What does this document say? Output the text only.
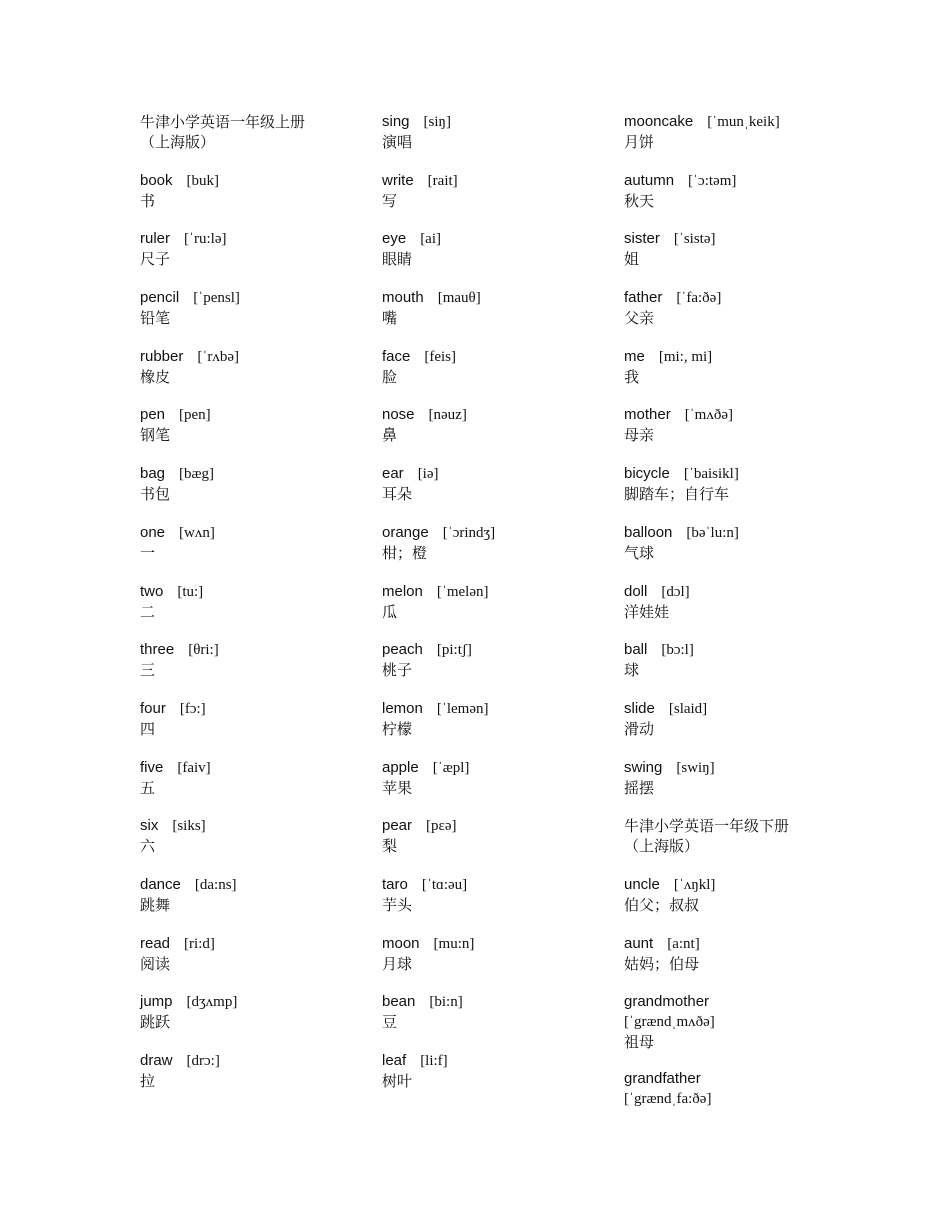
牛津小学英语一年级上册
（上海版）
book [buk]
书
ruler [ˈru:lə]
尺子
pencil [ˈpensl]
铅笔
rubber [ˈrʌbə]
橡皮
pen [pen]
钢笔
bag [bæg]
书包
one [wʌn]
一
two [tu:]
二
three [θri:]
三
four [fɔ:]
四
five [faiv]
五
six [siks]
六
dance [da:ns]
跳舞
read [ri:d]
阅读
jump [dʒʌmp]
跳跃
draw [drɔ:]
拉
sing [siŋ]
演唱
write [rait]
写
eye [ai]
眼睛
mouth [mauθ]
嘴
face [feis]
脸
nose [nəuz]
鼻
ear [iə]
耳朵
orange [ˈɔrindʒ]
柑；橙
melon [ˈmelən]
瓜
peach [pi:tʃ]
桃子
lemon [ˈlemən]
柠檬
apple [ˈæpl]
苹果
pear [pɛə]
梨
taro [ˈtɑ:əu]
芋头
moon [mu:n]
月球
bean [bi:n]
豆
leaf [li:f]
树叶
mooncake [ˈmunˌkeik]
月饼
autumn [ˈɔ:təm]
秋天
sister [ˈsistə]
姐
father [ˈfa:ðə]
父亲
me [mi:, mi]
我
mother [ˈmʌðə]
母亲
bicycle [ˈbaisikl]
脚踏车；自行车
balloon [bəˈlu:n]
气球
doll [dɔl]
洋娃娃
ball [bɔ:l]
球
slide [slaid]
滑动
swing [swiŋ]
摇摆
牛津小学英语一年级下册
（上海版）
uncle [ˈʌŋkl]
伯父；叔叔
aunt [a:nt]
姑妈；伯母
grandmother
[ˈgrændˌmʌðə]
祖母
grandfather
[ˈgrændˌfa:ðə]
